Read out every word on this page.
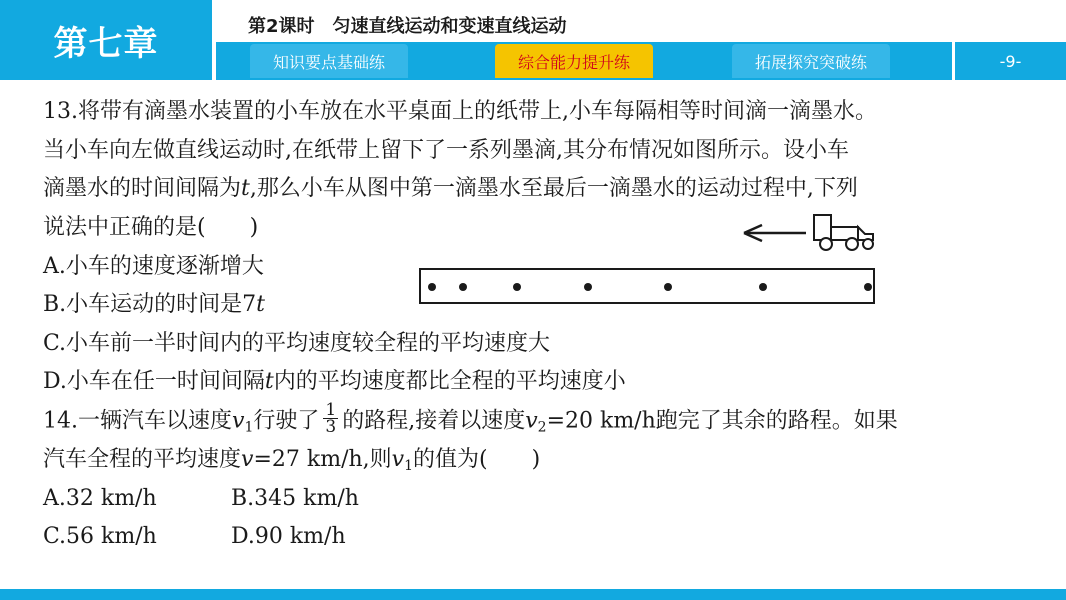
第七章	第2课时　匀速直线运动和变速直线运动
知识要点基础练	综合能力提升练	拓展探究突破练	-9-
13.将带有滴墨水装置的小车放在水平桌面上的纸带上,小车每隔相等时间滴一滴墨水。
当小车向左做直线运动时,在纸带上留下了一系列墨滴,其分布情况如图所示。设小车
滴墨水的时间间隔为t,那么小车从图中第一滴墨水至最后一滴墨水的运动过程中,下列
说法中正确的是( )
A.小车的速度逐渐增大
B.小车运动的时间是7t
C.小车前一半时间内的平均速度较全程的平均速度大
D.小车在任一时间间隔t内的平均速度都比全程的平均速度小
14.一辆汽车以速度$v_1$行驶了 $\frac{1}{3}$ 的路程,接着以速度$v_2=20$ km/h跑完了其余的路程。如果
汽车全程的平均速度v=27 km/h,则$v_1$的值为( )
A.32 km/h	B.345 km/h
C.56 km/h	D.90 km/h
